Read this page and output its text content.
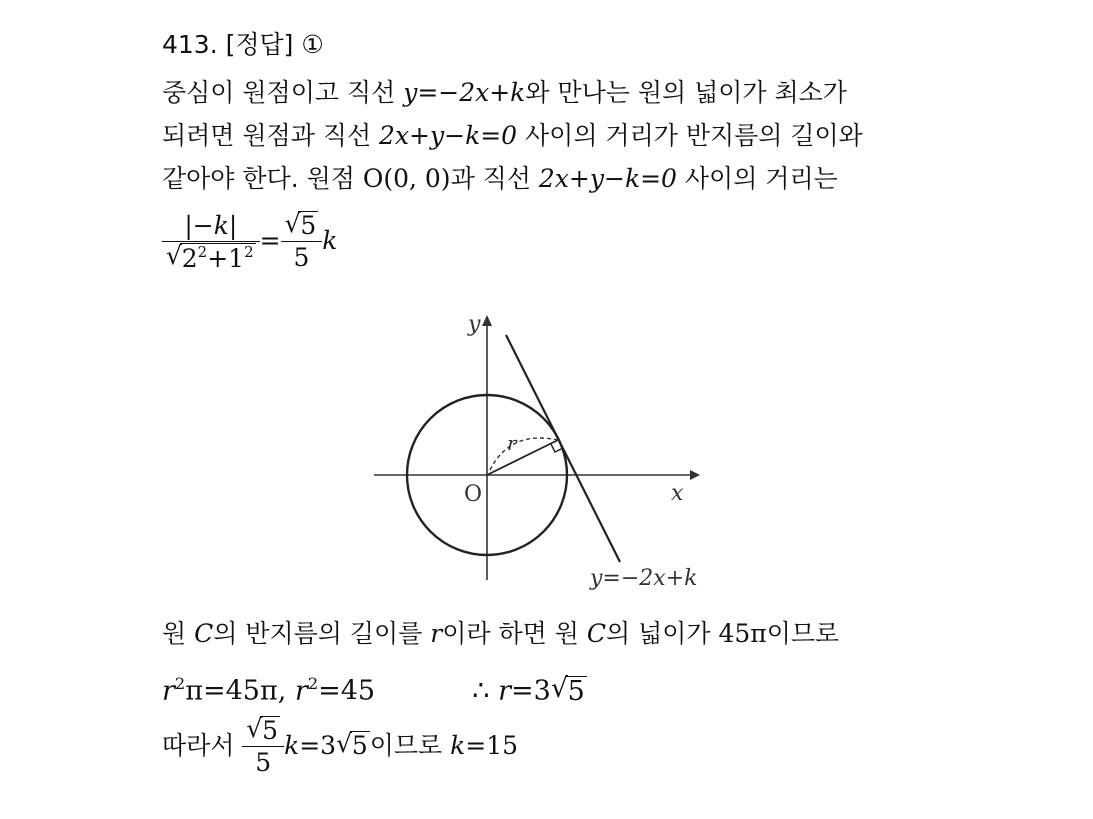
413. [정답] ①
중심이 원점이고 직선 y=−2x+k와 만나는 원의 넓이가 최소가
되려면 원점과 직선 2x+y−k=0 사이의 거리가 반지름의 길이와
같아야 한다. 원점 O(0, 0)과 직선 2x+y−k=0 사이의 거리는
|−k|
√ $2^2+1^2$ =
√ $\frac{5}{5}$ k
y
x
O
r
y=−2x+k
원 C의 반지름의 길이를 r이라 하면 원 C의 넓이가 45π이므로
$r^2\pi=45\pi$, $r^2=45$	∴ r=3√ 5
따라서
√ $\frac{5}{5} k=3√$ 5이므로 k=15
